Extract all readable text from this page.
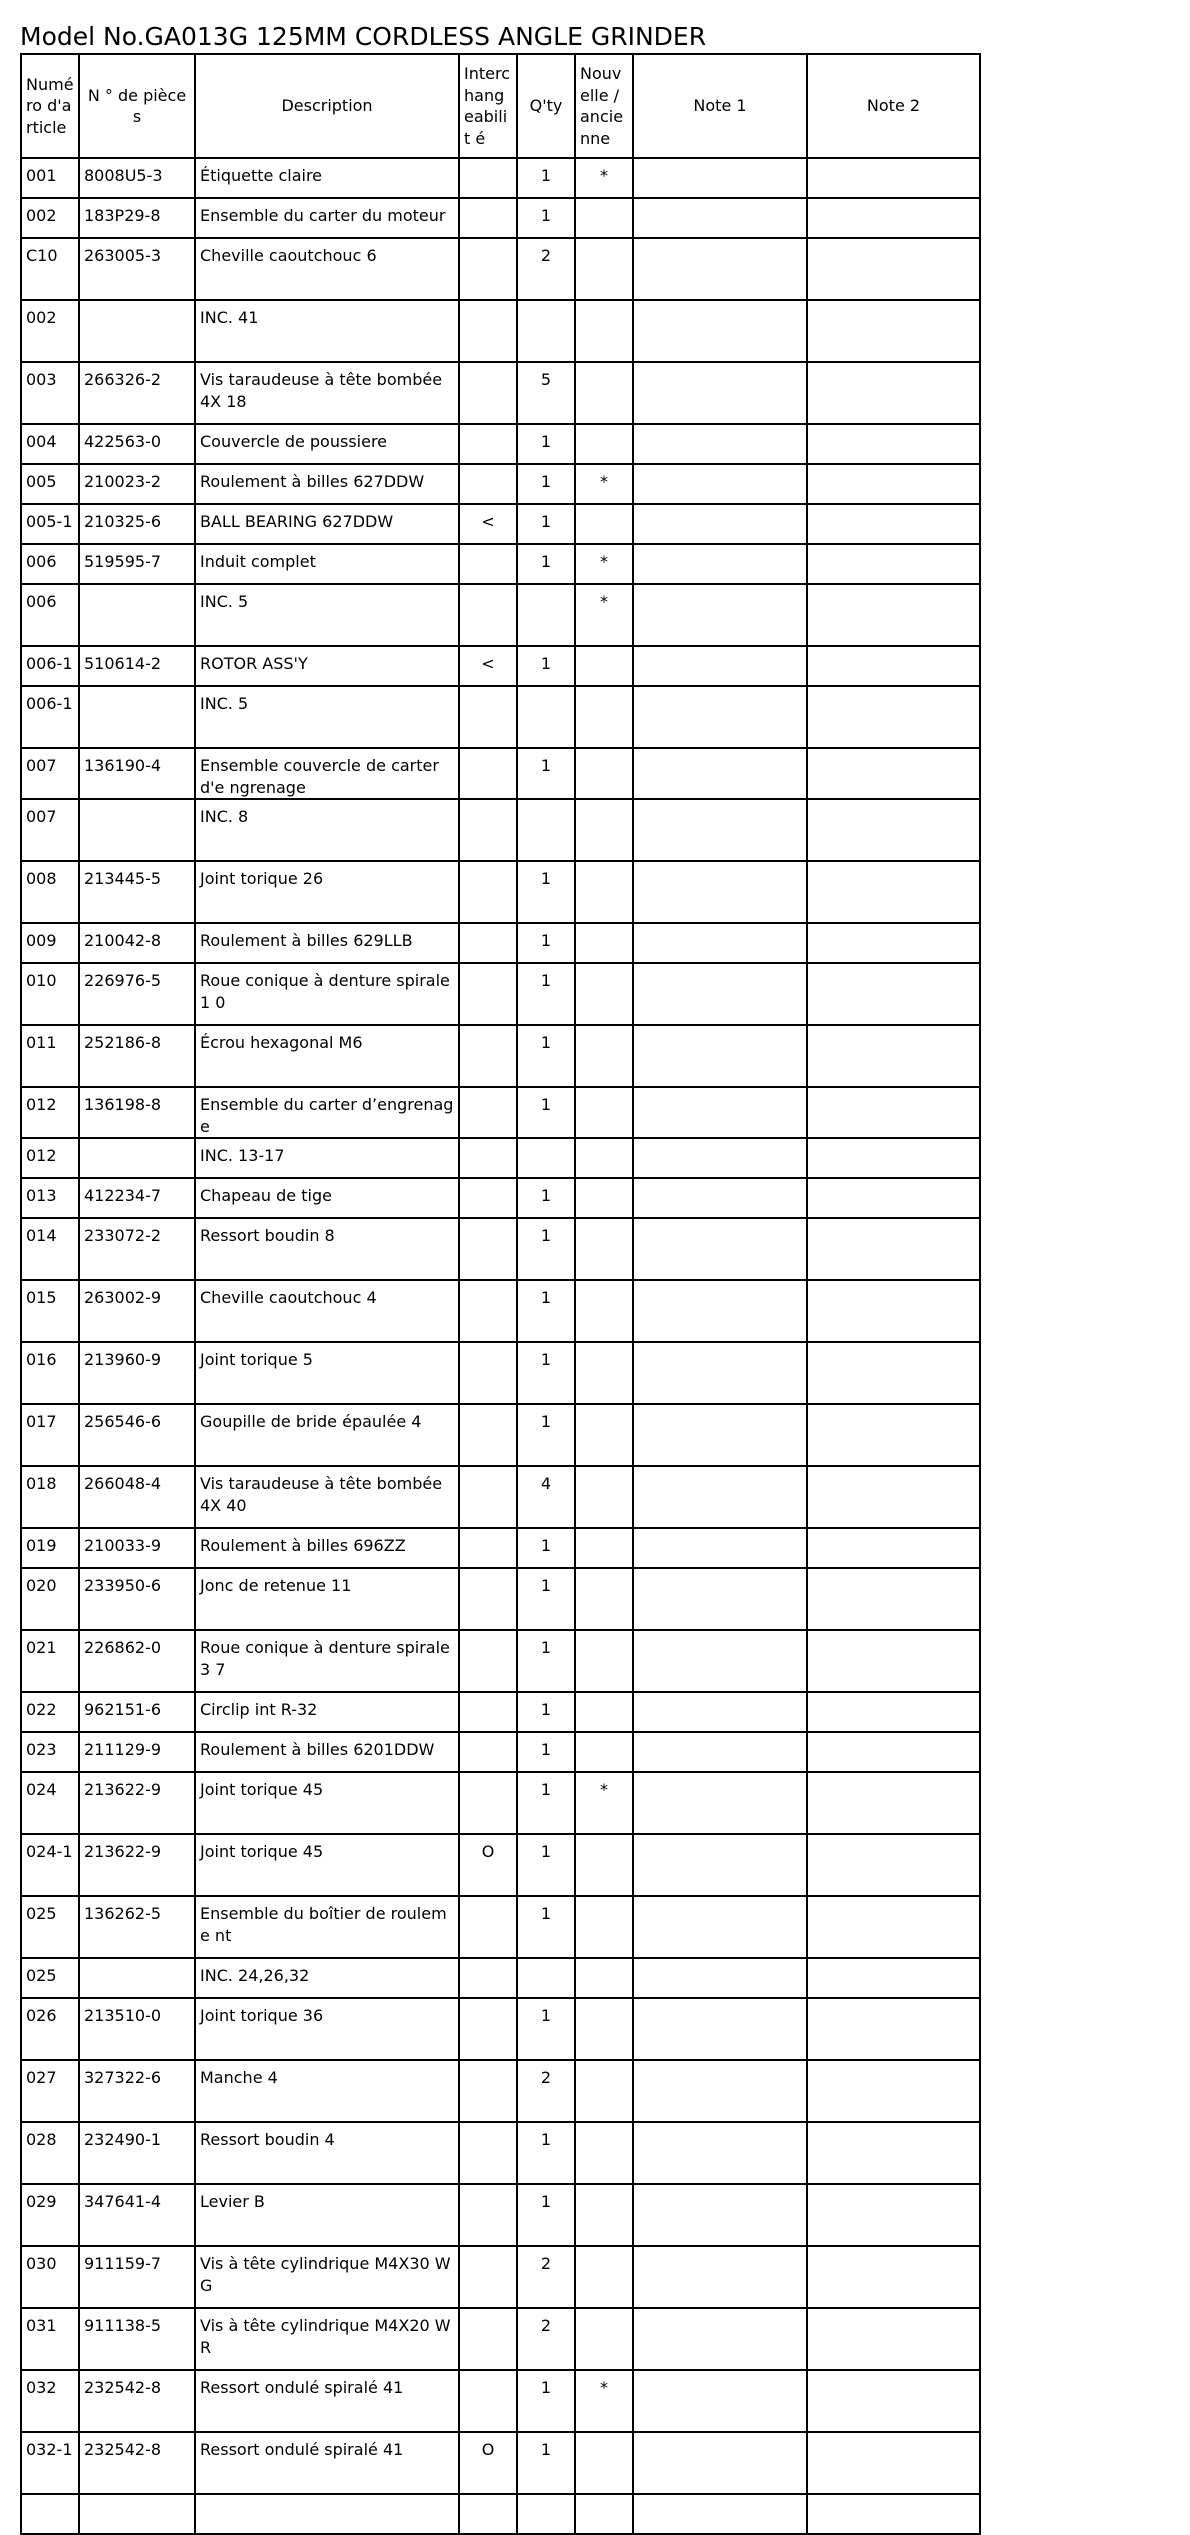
Model No.GA013G 125MM CORDLESS ANGLE GRINDER
Numé ro d'a rticle	N ° de pièces	Description	Interc hang eabilit é	Q'ty	Nouv elle / ancie nne	Note 1	Note 2
001	8008U5-3	Étiquette claire		1	*		
002	183P29-8	Ensemble du carter du moteur		1			
C10	263005-3	Cheville caoutchouc 6		2			
002		INC. 41					
003	266326-2	Vis taraudeuse à tête bombée 4X 18		5			
004	422563-0	Couvercle de poussiere		1			
005	210023-2	Roulement à billes 627DDW		1	*		
005-1	210325-6	BALL BEARING 627DDW	<	1			
006	519595-7	Induit complet		1	*		
006		INC. 5			*		
006-1	510614-2	ROTOR ASS'Y	<	1			
006-1		INC. 5					
007	136190-4	Ensemble couvercle de carter d'e ngrenage		1			
007		INC. 8					
008	213445-5	Joint torique 26		1			
009	210042-8	Roulement à billes 629LLB		1			
010	226976-5	Roue conique à denture spirale 1 0		1			
011	252186-8	Écrou hexagonal M6		1			
012	136198-8	Ensemble du carter d’engrenage		1			
012		INC. 13-17					
013	412234-7	Chapeau de tige		1			
014	233072-2	Ressort boudin 8		1			
015	263002-9	Cheville caoutchouc 4		1			
016	213960-9	Joint torique 5		1			
017	256546-6	Goupille de bride épaulée 4		1			
018	266048-4	Vis taraudeuse à tête bombée 4X 40		4			
019	210033-9	Roulement à billes 696ZZ		1			
020	233950-6	Jonc de retenue 11		1			
021	226862-0	Roue conique à denture spirale 3 7		1			
022	962151-6	Circlip int R-32		1			
023	211129-9	Roulement à billes 6201DDW		1			
024	213622-9	Joint torique 45		1	*		
024-1	213622-9	Joint torique 45	O	1			
025	136262-5	Ensemble du boîtier de rouleme nt		1			
025		INC. 24,26,32					
026	213510-0	Joint torique 36		1			
027	327322-6	Manche 4		2			
028	232490-1	Ressort boudin 4		1			
029	347641-4	Levier B		1			
030	911159-7	Vis à tête cylindrique M4X30 WG		2			
031	911138-5	Vis à tête cylindrique M4X20 WR		2			
032	232542-8	Ressort ondulé spiralé 41		1	*		
032-1	232542-8	Ressort ondulé spiralé 41	O	1			
